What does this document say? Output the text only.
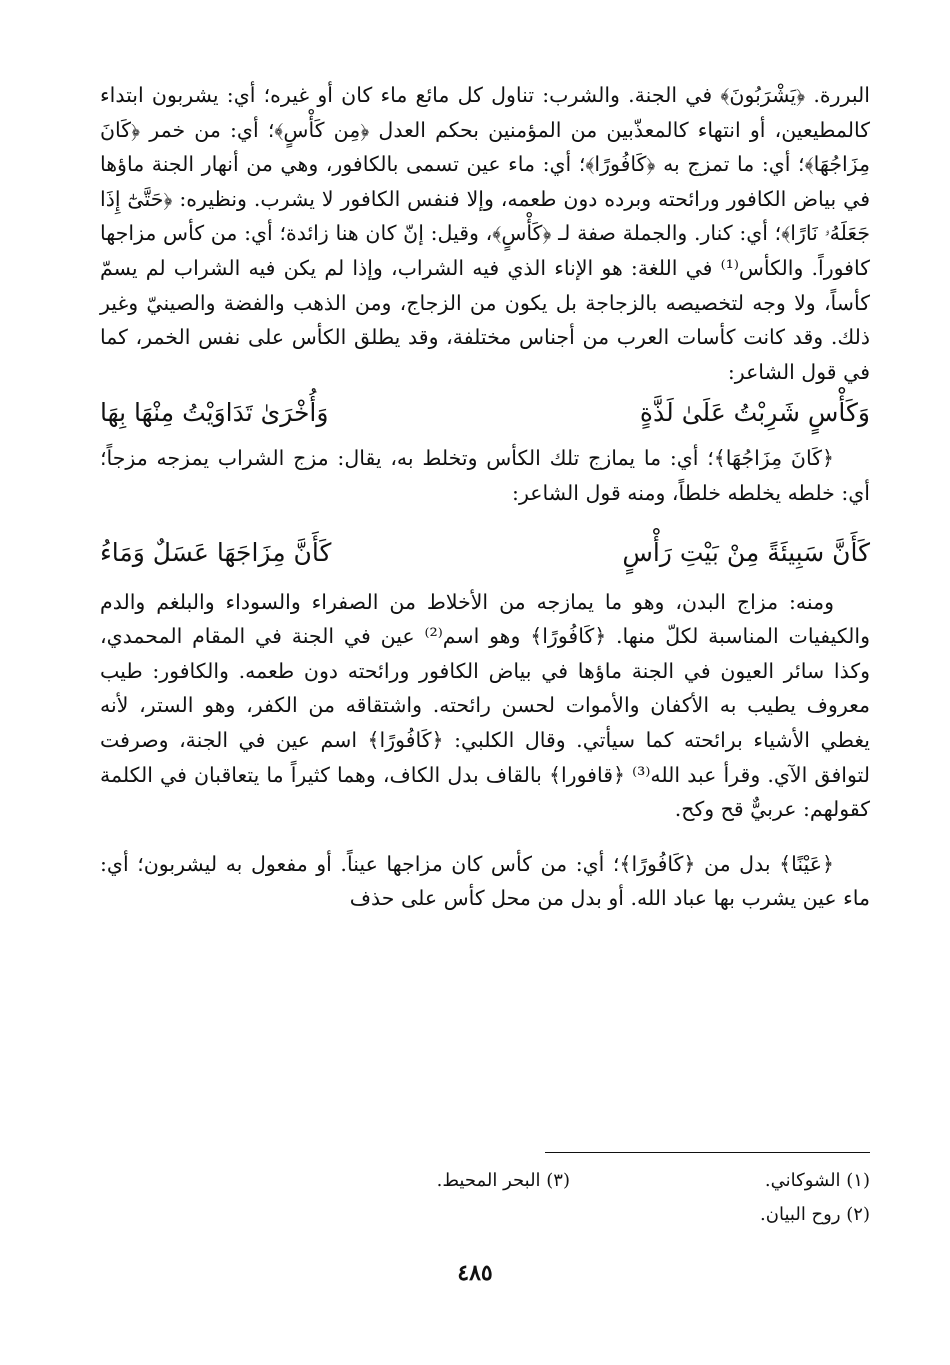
البررة. ﴿يَشْرَبُونَ﴾ في الجنة. والشرب: تناول كل مائع ماء كان أو غيره؛ أي: يشربون ابتداء كالمطيعين، أو انتهاء كالمعذّبين من المؤمنين بحكم العدل ﴿مِن كَأْسٍ﴾؛ أي: من خمر ﴿كَانَ مِزَاجُهَا﴾؛ أي: ما تمزج به ﴿كَافُورًا﴾؛ أي: ماء عين تسمى بالكافور، وهي من أنهار الجنة ماؤها في بياض الكافور ورائحته وبرده دون طعمه، وإلا فنفس الكافور لا يشرب. ونظيره: ﴿حَتَّىٰٓ إِذَا جَعَلَهُۥ نَارًا﴾؛ أي: كنار. والجملة صفة لـ ﴿كَأْسٍ﴾، وقيل: إنّ كان هنا زائدة؛ أي: من كأس مزاجها كافوراً. والكأس⁽¹⁾ في اللغة: هو الإناء الذي فيه الشراب، وإذا لم يكن فيه الشراب لم يسمّ كأساً، ولا وجه لتخصيصه بالزجاجة بل يكون من الزجاج، ومن الذهب والفضة والصينيّ وغير ذلك. وقد كانت كأسات العرب من أجناس مختلفة، وقد يطلق الكأس على نفس الخمر، كما في قول الشاعر:

وَكَأْسٍ شَرِبْتُ عَلَىٰ لَذَّةٍ
وَأُخْرَىٰ تَدَاوَيْتُ مِنْهَا بِهَا

﴿كَانَ مِزَاجُهَا﴾؛ أي: ما يمازج تلك الكأس وتخلط به، يقال: مزج الشراب يمزجه مزجاً؛ أي: خلطه يخلطه خلطاً، ومنه قول الشاعر:

كَأَنَّ سَبِيئَةً مِنْ بَيْتِ رَأْسٍ
كَأَنَّ مِزَاجَهَا عَسَلٌ وَمَاءُ

ومنه: مزاج البدن، وهو ما يمازجه من الأخلاط من الصفراء والسوداء والبلغم والدم والكيفيات المناسبة لكلّ منها. ﴿كَافُورًا﴾ وهو اسم⁽²⁾ عين في الجنة في المقام المحمدي، وكذا سائر العيون في الجنة ماؤها في بياض الكافور ورائحته دون طعمه. والكافور: طيب معروف يطيب به الأكفان والأموات لحسن رائحته. واشتقاقه من الكفر، وهو الستر، لأنه يغطي الأشياء برائحته كما سيأتي. وقال الكلبي: ﴿كَافُورًا﴾ اسم عين في الجنة، وصرفت لتوافق الآي. وقرأ عبد الله⁽³⁾ ﴿قافورا﴾ بالقاف بدل الكاف، وهما كثيراً ما يتعاقبان في الكلمة كقولهم: عربيٌّ قح وكح.

﴿عَيْنًا﴾ بدل من ﴿كَافُورًا﴾؛ أي: من كأس كان مزاجها عيناً. أو مفعول به ليشربون؛ أي: ماء عين يشرب بها عباد الله. أو بدل من محل كأس على حذف

(١) الشوكاني.
(٣) البحر المحيط.
(٢) روح البيان.
٤٨٥
